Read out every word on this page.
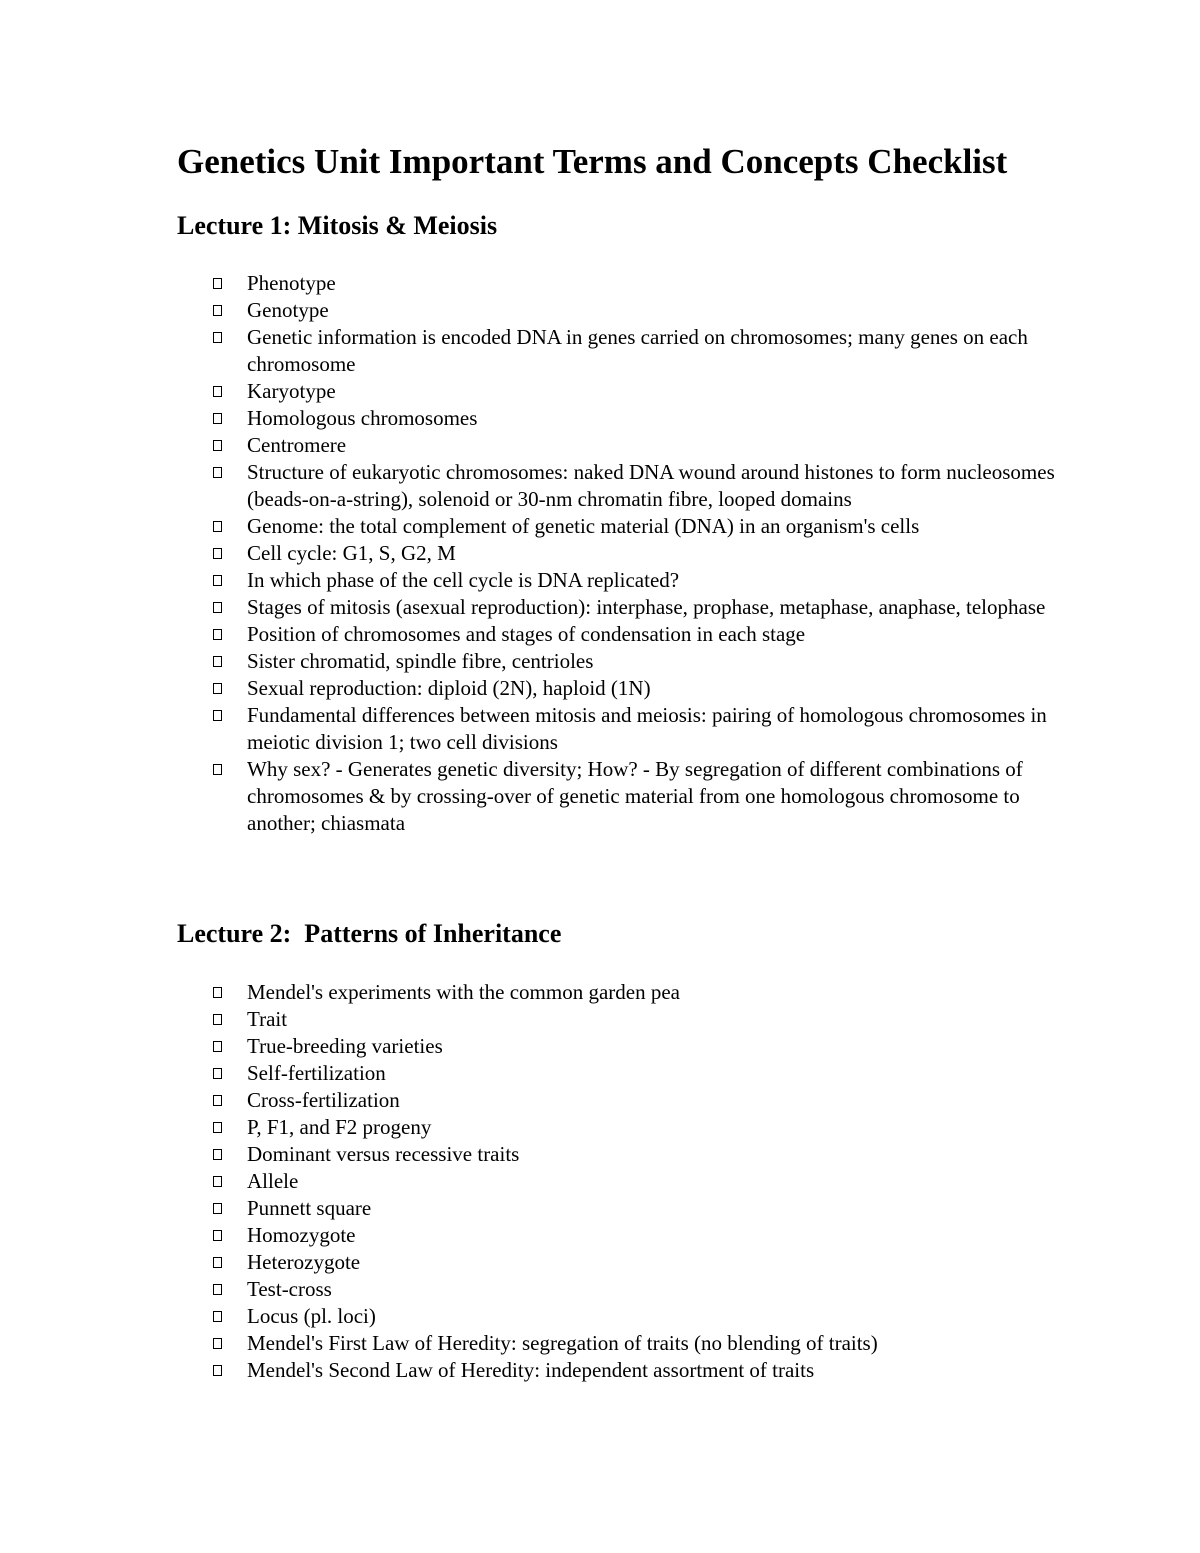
Genetics Unit Important Terms and Concepts Checklist
Lecture 1: Mitosis & Meiosis
Phenotype
Genotype
Genetic information is encoded DNA in genes carried on chromosomes; many genes on each chromosome
Karyotype
Homologous chromosomes
Centromere
Structure of eukaryotic chromosomes: naked DNA wound around histones to form nucleosomes (beads-on-a-string), solenoid or 30-nm chromatin fibre, looped domains
Genome: the total complement of genetic material (DNA) in an organism's cells
Cell cycle: G1, S, G2, M
In which phase of the cell cycle is DNA replicated?
Stages of mitosis (asexual reproduction): interphase, prophase, metaphase, anaphase, telophase
Position of chromosomes and stages of condensation in each stage
Sister chromatid, spindle fibre, centrioles
Sexual reproduction: diploid (2N), haploid (1N)
Fundamental differences between mitosis and meiosis: pairing of homologous chromosomes in meiotic division 1; two cell divisions
Why sex? - Generates genetic diversity; How? - By segregation of different combinations of chromosomes & by crossing-over of genetic material from one homologous chromosome to another; chiasmata
Lecture 2:  Patterns of Inheritance
Mendel's experiments with the common garden pea
Trait
True-breeding varieties
Self-fertilization
Cross-fertilization
P, F1, and F2 progeny
Dominant versus recessive traits
Allele
Punnett square
Homozygote
Heterozygote
Test-cross
Locus (pl. loci)
Mendel's First Law of Heredity: segregation of traits (no blending of traits)
Mendel's Second Law of Heredity: independent assortment of traits
